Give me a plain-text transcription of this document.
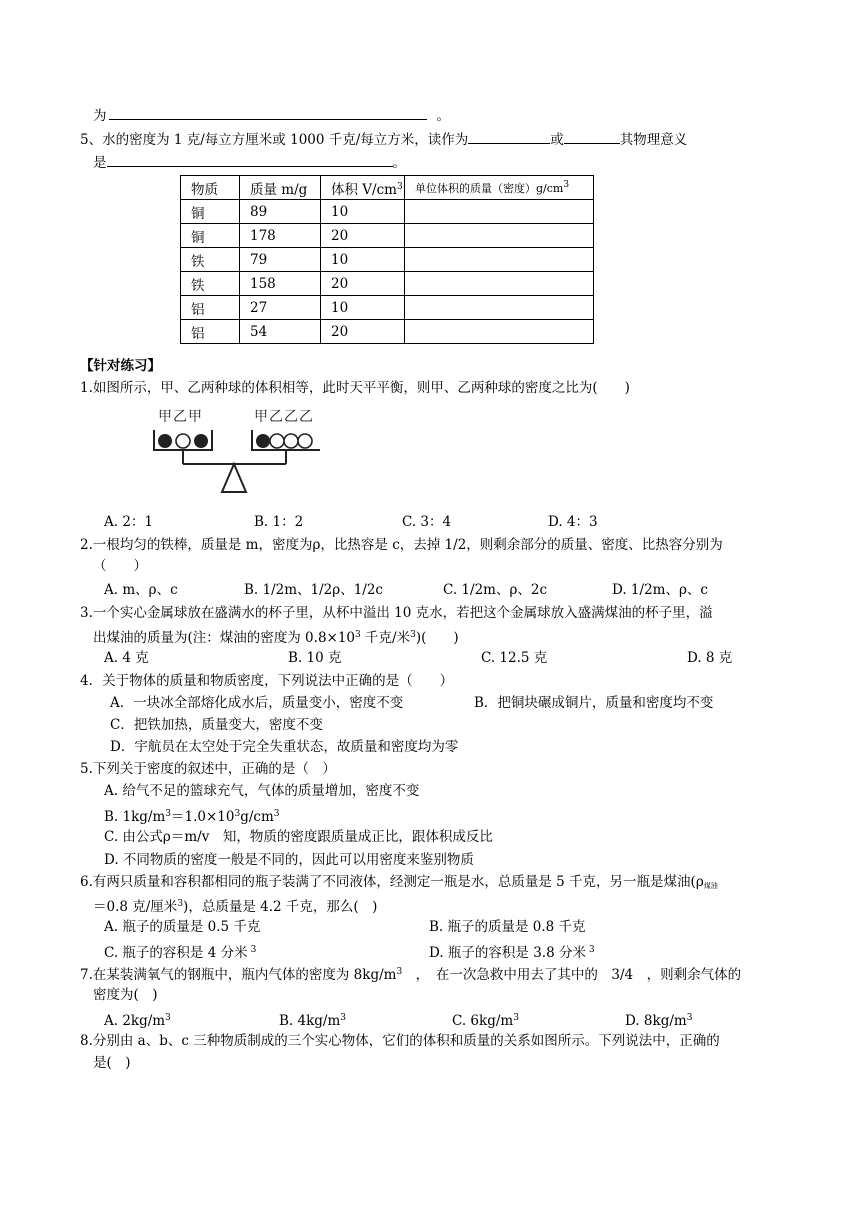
为	。
5、水的密度为 1 克/每立方厘米或 1000 千克/每立方米，读作为	或	其物理意义
是	。
物质	质量 m/g	体积 $V/cm^3$	单位体积的质量（密度）$g/cm^3$
铜	89	10	
铜	178	20	
铁	79	10	
铁	158	20	
铝	27	10	
铝	54	20	
【针对练习】
1.如图所示，甲、乙两种球的体积相等，此时天平平衡，则甲、乙两种球的密度之比为(　　)
甲乙甲	甲乙乙乙
A. 2：1	B. 1：2	C. 3：4	D. 4：3
2.一根均匀的铁棒，质量是 m，密度为ρ，比热容是 c，去掉 1/2，则剩余部分的质量、密度、比热容分别为
（　　）
A. m、ρ、c	B. 1/2m、1/2ρ、1/2c	C. 1/2m、ρ、2c	D. 1/2m、ρ、c
3.一个实心金属球放在盛满水的杯子里，从杯中溢出 10 克水，若把这个金属球放入盛满煤油的杯子里，溢
出煤油的质量为(注：煤油的密度为 $0.8\times 10^3$ 千克/米$^3$)(　　)
A. 4 克	B. 10 克	C. 12.5 克	D. 8 克
4．关于物体的质量和物质密度，下列说法中正确的是（　　）
A．一块冰全部熔化成水后，质量变小，密度不变	B．把铜块碾成铜片，质量和密度均不变
C．把铁加热，质量变大，密度不变
D．宇航员在太空处于完全失重状态，故质量和密度均为零
5.下列关于密度的叙述中，正确的是（　）
A. 给气不足的篮球充气，气体的质量增加，密度不变
B. $1kg/m^3=1.0\times 10^3g/cm^3$
C. 由公式ρ＝m/v　知，物质的密度跟质量成正比，跟体积成反比
D. 不同物质的密度一般是不同的，因此可以用密度来鉴别物质
6.有两只质量和容积都相同的瓶子装满了不同液体，经测定一瓶是水，总质量是 5 千克，另一瓶是煤油($\rho_{煤油}$
＝0.8 克/厘米$^3$)，总质量是 4.2 千克，那么(　)
A. 瓶子的质量是 0.5 千克	B. 瓶子的质量是 0.8 千克
C. 瓶子的容积是 4 分米 $^3$	D. 瓶子的容积是 3.8 分米 $^3$
7.在某装满氧气的钢瓶中，瓶内气体的密度为 $8kg/m^3$　，　在一次急救中用去了其中的　3/4　，则剩余气体的
密度为(　)
A. $2kg/m^3$	B. $4kg/m^3$	C. $6kg/m^3$	D. $8kg/m^3$
8.分别由 a、b、c 三种物质制成的三个实心物体，它们的体积和质量的关系如图所示。下列说法中，正确的
是(　)
